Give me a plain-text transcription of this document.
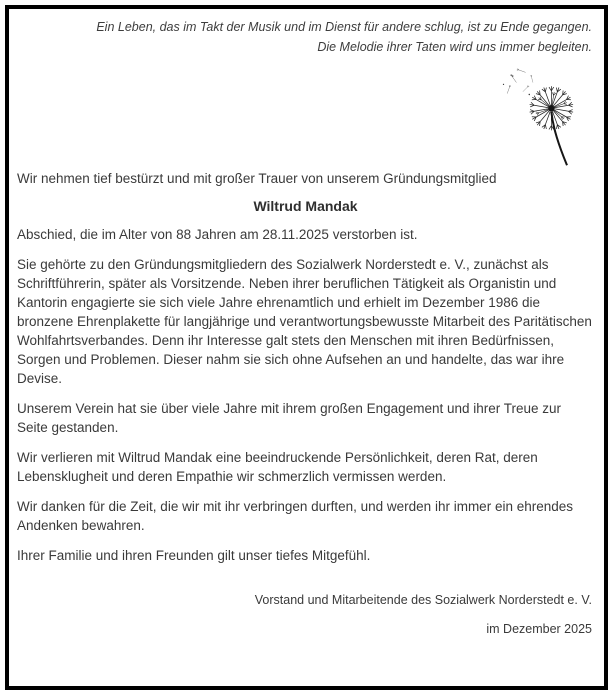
Ein Leben, das im Takt der Musik und im Dienst für andere schlug, ist zu Ende gegangen.
Die Melodie ihrer Taten wird uns immer begleiten.

Wir nehmen tief bestürzt und mit großer Trauer von unserem Gründungsmitglied

Wiltrud Mandak

Abschied, die im Alter von 88 Jahren am 28.11.2025 verstorben ist.

Sie gehörte zu den Gründungsmitgliedern des Sozialwerk Norderstedt e. V., zunächst als Schriftführerin, später als Vorsitzende. Neben ihrer beruflichen Tätigkeit als Organistin und Kantorin engagierte sie sich viele Jahre ehrenamtlich und erhielt im Dezember 1986 die bronzene Ehrenplakette für langjährige und verantwortungsbewusste Mitarbeit des Paritätischen Wohlfahrtsverbandes. Denn ihr Interesse galt stets den Menschen mit ihren Bedürfnissen, Sorgen und Problemen. Dieser nahm sie sich ohne Aufsehen an und handelte, das war ihre Devise.

Unserem Verein hat sie über viele Jahre mit ihrem großen Engagement und ihrer Treue zur Seite gestanden.

Wir verlieren mit Wiltrud Mandak eine beeindruckende Persönlichkeit, deren Rat, deren Lebensklugheit und deren Empathie wir schmerzlich vermissen werden.

Wir danken für die Zeit, die wir mit ihr verbringen durften, und werden ihr immer ein ehrendes Andenken bewahren.

Ihrer Familie und ihren Freunden gilt unser tiefes Mitgefühl.

Vorstand und Mitarbeitende des Sozialwerk Norderstedt e. V.

im Dezember 2025
